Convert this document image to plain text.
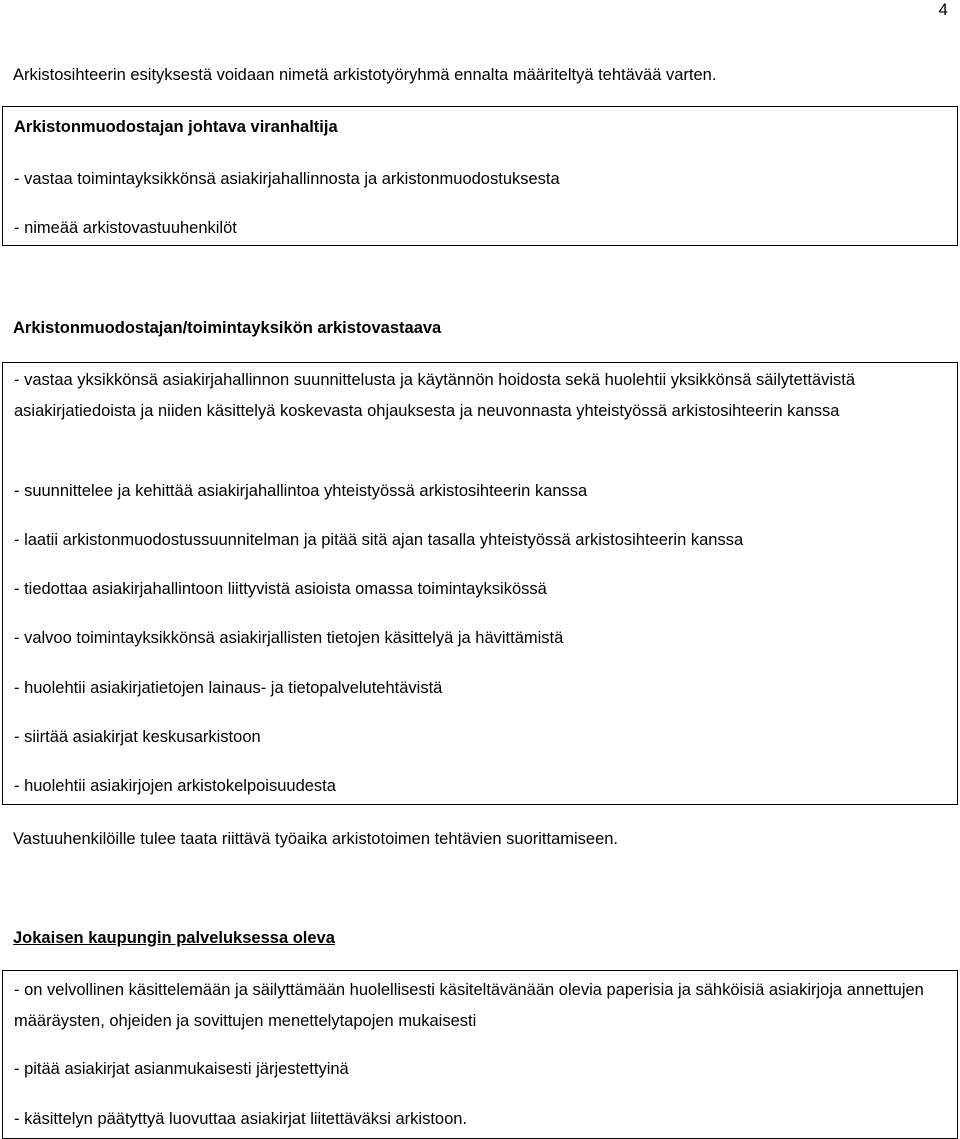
4
Arkistosihteerin esityksestä voidaan nimetä arkistotyöryhmä ennalta määriteltyä tehtävää varten.
Arkistonmuodostajan johtava viranhaltija
- vastaa toimintayksikkönsä asiakirjahallinnosta ja arkistonmuodostuksesta
- nimeää arkistovastuuhenkilöt
Arkistonmuodostajan/toimintayksikön arkistovastaava
- vastaa yksikkönsä asiakirjahallinnon suunnittelusta ja käytännön hoidosta sekä huolehtii yksikkönsä säilytettävistä asiakirjatiedoista ja niiden käsittelyä koskevasta ohjauksesta ja neuvonnasta yhteistyössä arkistosihteerin kanssa
- suunnittelee ja kehittää asiakirjahallintoa yhteistyössä arkistosihteerin kanssa
- laatii arkistonmuodostussuunnitelman ja pitää sitä ajan tasalla yhteistyössä arkistosihteerin kanssa
- tiedottaa asiakirjahallintoon liittyvistä asioista omassa toimintayksikössä
- valvoo toimintayksikkönsä asiakirjallisten tietojen käsittelyä ja hävittämistä
- huolehtii asiakirjatietojen lainaus- ja tietopalvelutehtävistä
- siirtää asiakirjat keskusarkistoon
- huolehtii asiakirjojen arkistokelpoisuudesta
Vastuuhenkilöille tulee taata riittävä työaika arkistotoimen tehtävien suorittamiseen.
Jokaisen kaupungin palveluksessa oleva
- on velvollinen käsittelemään ja säilyttämään huolellisesti käsiteltävänään olevia paperisia ja sähköisiä asiakirjoja annettujen määräysten, ohjeiden ja sovittujen menettelytapojen mukaisesti
- pitää asiakirjat asianmukaisesti järjestettyinä
- käsittelyn päätyttyä luovuttaa asiakirjat liitettäväksi arkistoon.
